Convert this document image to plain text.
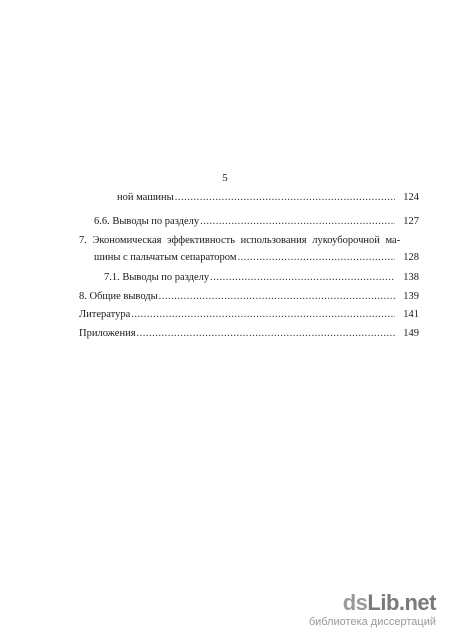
5
ной машины .....	124
6.6. Выводы по разделу .....	127
7. Экономическая эффективность использования лукоуборочной ма-
шины с пальчатым сепаратором .....	128
7.1. Выводы по разделу .....	138
8. Общие выводы .....	139
Литература .....	141
Приложения .....	149
dsLib.net
библиотека диссертаций
